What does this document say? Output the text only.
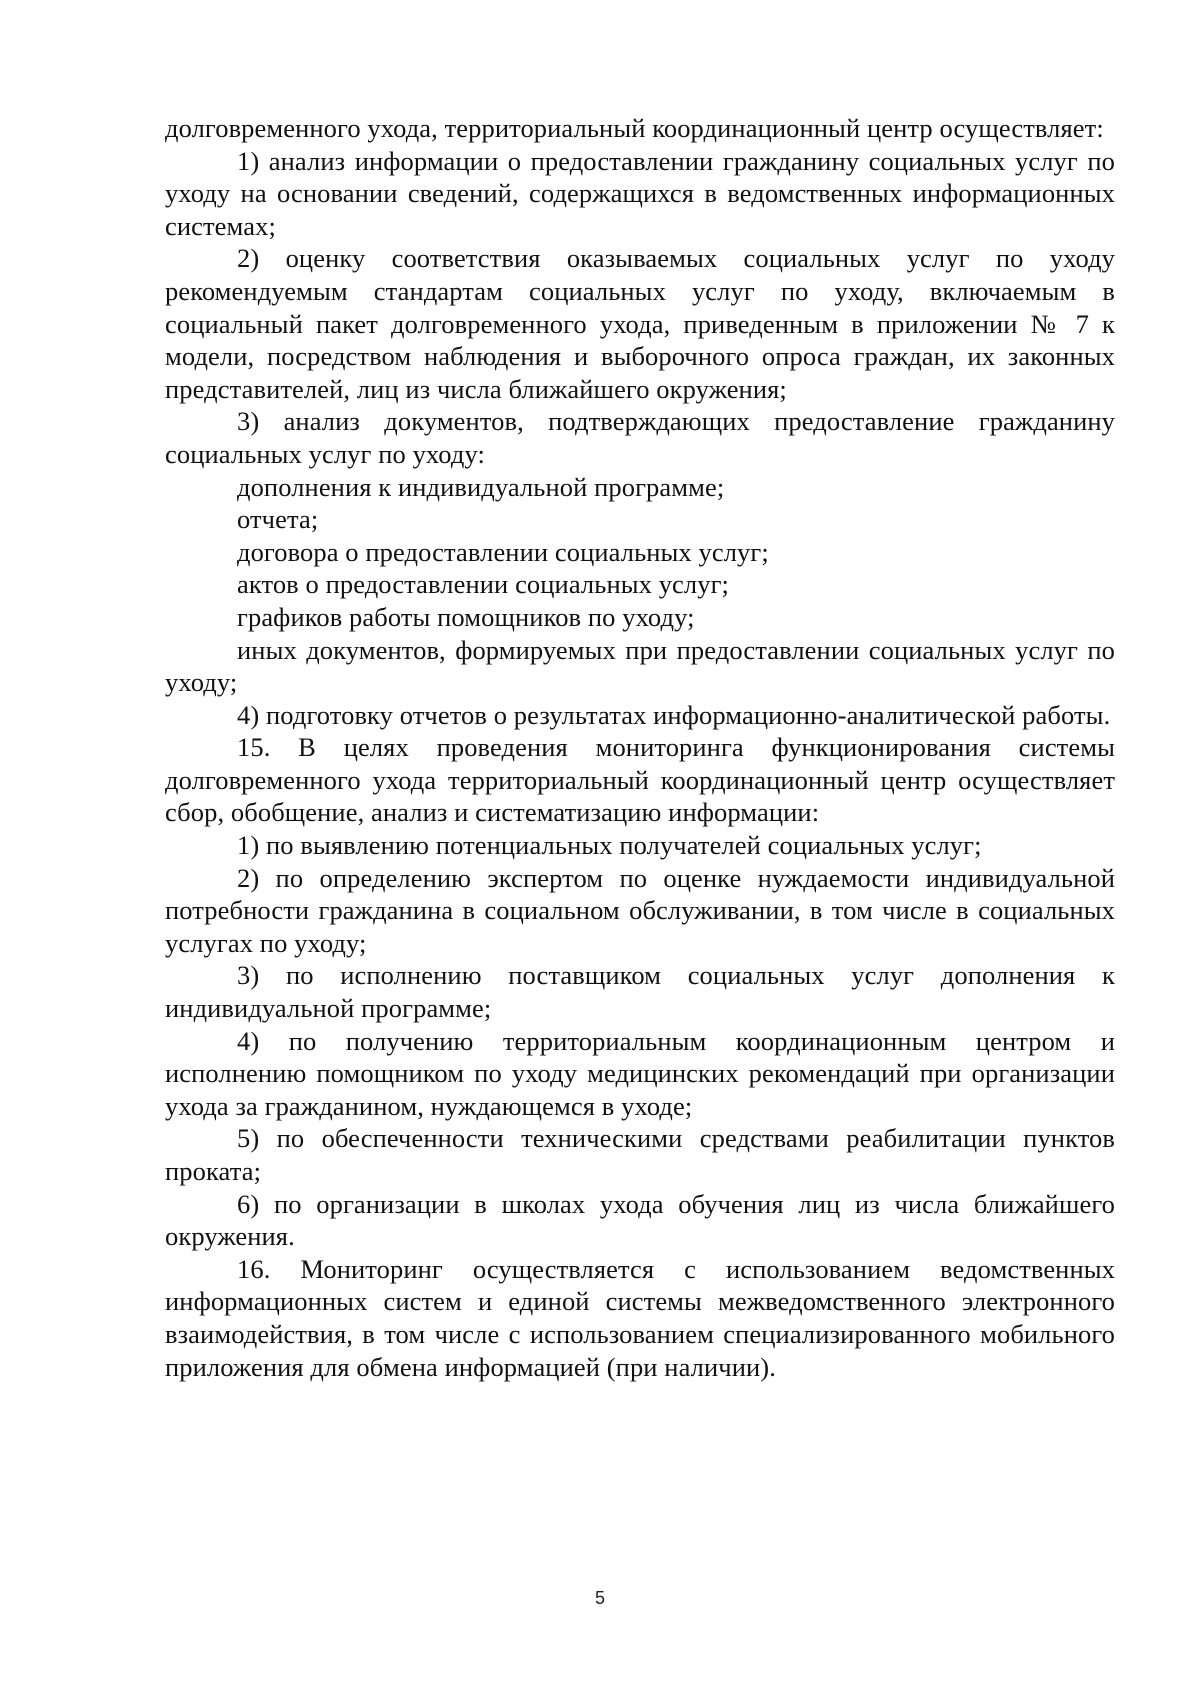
долговременного ухода, территориальный координационный центр осуществляет:

1) анализ информации о предоставлении гражданину социальных услуг по уходу на основании сведений, содержащихся в ведомственных информационных системах;

2) оценку соответствия оказываемых социальных услуг по уходу рекомендуемым стандартам социальных услуг по уходу, включаемым в социальный пакет долговременного ухода, приведенным в приложении № 7 к модели, посредством наблюдения и выборочного опроса граждан, их законных представителей, лиц из числа ближайшего окружения;

3) анализ документов, подтверждающих предоставление гражданину социальных услуг по уходу:

дополнения к индивидуальной программе;

отчета;

договора о предоставлении социальных услуг;

актов о предоставлении социальных услуг;

графиков работы помощников по уходу;

иных документов, формируемых при предоставлении социальных услуг по уходу;

4) подготовку отчетов о результатах информационно-аналитической работы.

15. В целях проведения мониторинга функционирования системы долговременного ухода территориальный координационный центр осуществляет сбор, обобщение, анализ и систематизацию информации:

1) по выявлению потенциальных получателей социальных услуг;

2) по определению экспертом по оценке нуждаемости индивидуальной потребности гражданина в социальном обслуживании, в том числе в социальных услугах по уходу;

3) по исполнению поставщиком социальных услуг дополнения к индивидуальной программе;

4) по получению территориальным координационным центром и исполнению помощником по уходу медицинских рекомендаций при организации ухода за гражданином, нуждающемся в уходе;

5) по обеспеченности техническими средствами реабилитации пунктов проката;

6) по организации в школах ухода обучения лиц из числа ближайшего окружения.

16. Мониторинг осуществляется с использованием ведомственных информационных систем и единой системы межведомственного электронного взаимодействия, в том числе с использованием специализированного мобильного приложения для обмена информацией (при наличии).

5
